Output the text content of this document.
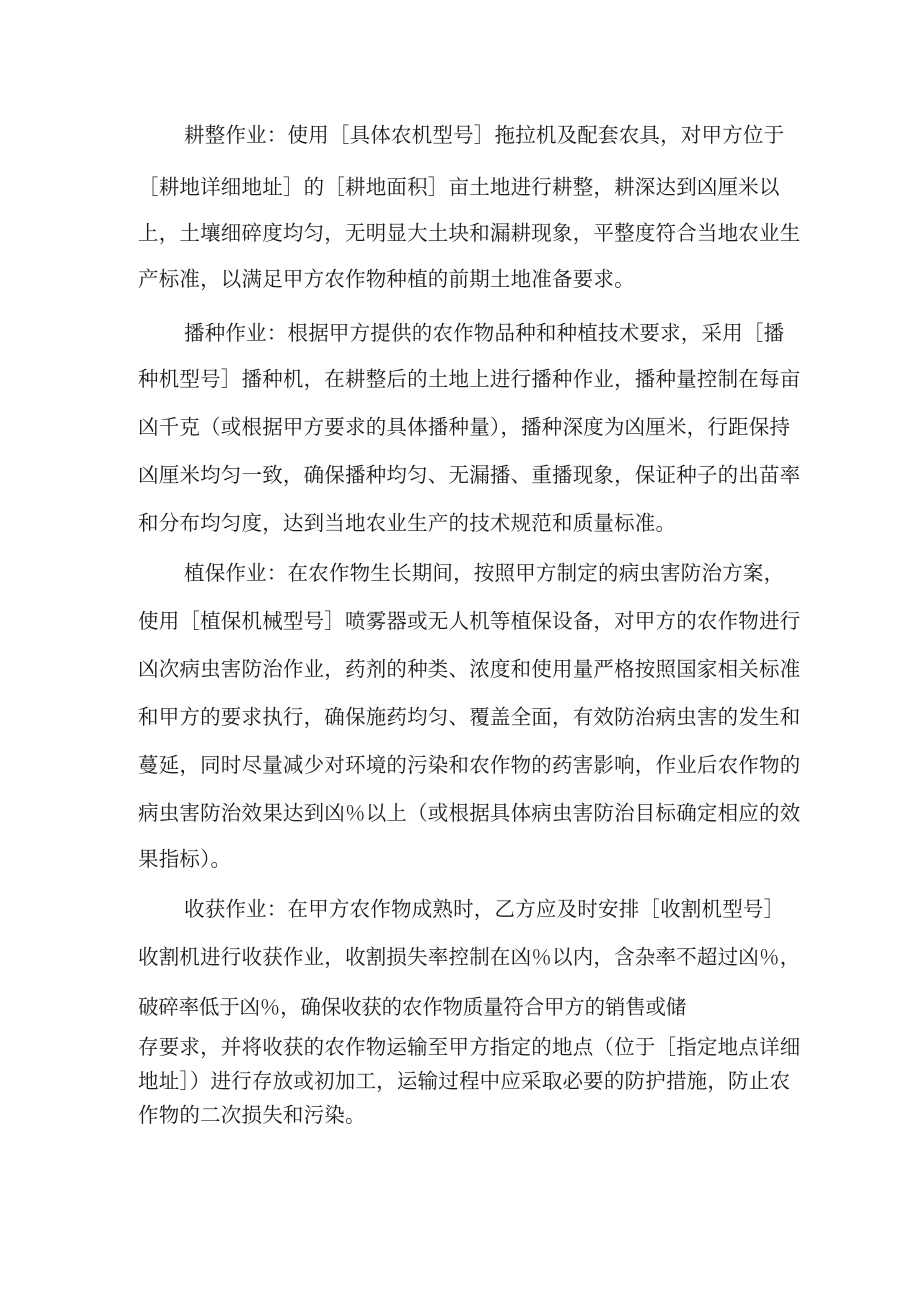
耕整作业：使用［具体农机型号］拖拉机及配套农具，对甲方位于
［耕地详细地址］的［耕地面积］亩土地进行耕整，耕深达到凶厘米以
上，土壤细碎度均匀，无明显大土块和漏耕现象，平整度符合当地农业生
产标准，以满足甲方农作物种植的前期土地准备要求。
播种作业：根据甲方提供的农作物品种和种植技术要求，采用［播
种机型号］播种机，在耕整后的土地上进行播种作业，播种量控制在每亩
凶千克（或根据甲方要求的具体播种量），播种深度为凶厘米，行距保持
凶厘米均匀一致，确保播种均匀、无漏播、重播现象，保证种子的出苗率
和分布均匀度，达到当地农业生产的技术规范和质量标准。
植保作业：在农作物生长期间，按照甲方制定的病虫害防治方案，
使用［植保机械型号］喷雾器或无人机等植保设备，对甲方的农作物进行
凶次病虫害防治作业，药剂的种类、浓度和使用量严格按照国家相关标准
和甲方的要求执行，确保施药均匀、覆盖全面，有效防治病虫害的发生和
蔓延，同时尽量减少对环境的污染和农作物的药害影响，作业后农作物的
病虫害防治效果达到凶％以上（或根据具体病虫害防治目标确定相应的效
果指标）。
收获作业：在甲方农作物成熟时，乙方应及时安排［收割机型号］
收割机进行收获作业，收割损失率控制在凶％以内，含杂率不超过凶％，
破碎率低于凶％，确保收获的农作物质量符合甲方的销售或储
存要求，并将收获的农作物运输至甲方指定的地点（位于［指定地点详细
地址］）进行存放或初加工，运输过程中应采取必要的防护措施，防止农
作物的二次损失和污染。
